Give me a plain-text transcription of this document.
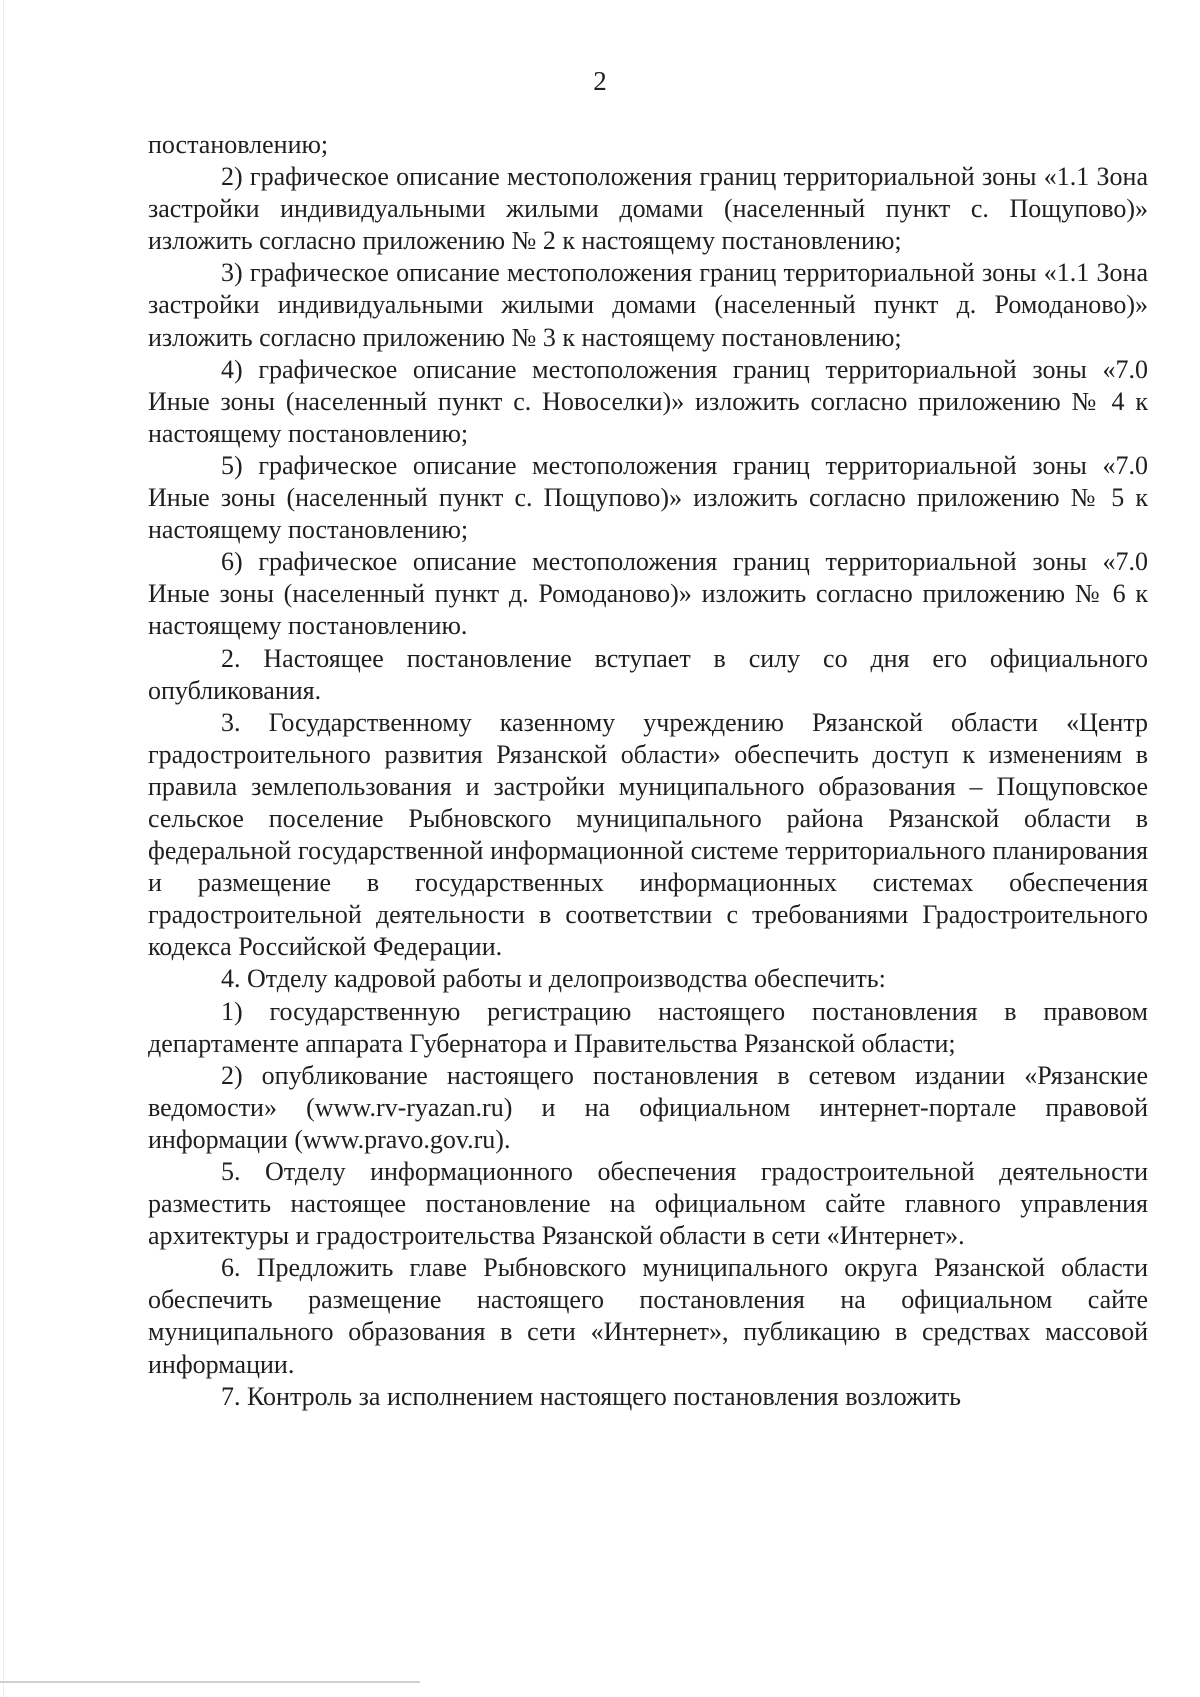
2

постановлению;

2) графическое описание местоположения границ территориальной зоны «1.1 Зона застройки индивидуальными жилыми домами (населенный пункт с. Пощупово)» изложить согласно приложению № 2 к настоящему постановлению;

3) графическое описание местоположения границ территориальной зоны «1.1 Зона застройки индивидуальными жилыми домами (населенный пункт д. Ромоданово)» изложить согласно приложению № 3 к настоящему постановлению;

4) графическое описание местоположения границ территориальной зоны «7.0 Иные зоны (населенный пункт с. Новоселки)» изложить согласно приложению № 4 к настоящему постановлению;

5) графическое описание местоположения границ территориальной зоны «7.0 Иные зоны (населенный пункт с. Пощупово)» изложить согласно приложению № 5 к настоящему постановлению;

6) графическое описание местоположения границ территориальной зоны «7.0 Иные зоны (населенный пункт д. Ромоданово)» изложить согласно приложению № 6 к настоящему постановлению.

2. Настоящее постановление вступает в силу со дня его официального опубликования.

3. Государственному казенному учреждению Рязанской области «Центр градостроительного развития Рязанской области» обеспечить доступ к изменениям в правила землепользования и застройки муниципального образования – Пощуповское сельское поселение Рыбновского муниципального района Рязанской области в федеральной государственной информационной системе территориального планирования и размещение в государственных информационных системах обеспечения градостроительной деятельности в соответствии с требованиями Градостроительного кодекса Российской Федерации.

4. Отделу кадровой работы и делопроизводства обеспечить:

1) государственную регистрацию настоящего постановления в правовом департаменте аппарата Губернатора и Правительства Рязанской области;

2) опубликование настоящего постановления в сетевом издании «Рязанские ведомости» (www.rv-ryazan.ru) и на официальном интернет-портале правовой информации (www.pravo.gov.ru).

5. Отделу информационного обеспечения градостроительной деятельности разместить настоящее постановление на официальном сайте главного управления архитектуры и градостроительства Рязанской области в сети «Интернет».

6. Предложить главе Рыбновского муниципального округа Рязанской области обеспечить размещение настоящего постановления на официальном сайте муниципального образования в сети «Интернет», публикацию в средствах массовой информации.

7. Контроль за исполнением настоящего постановления возложить
